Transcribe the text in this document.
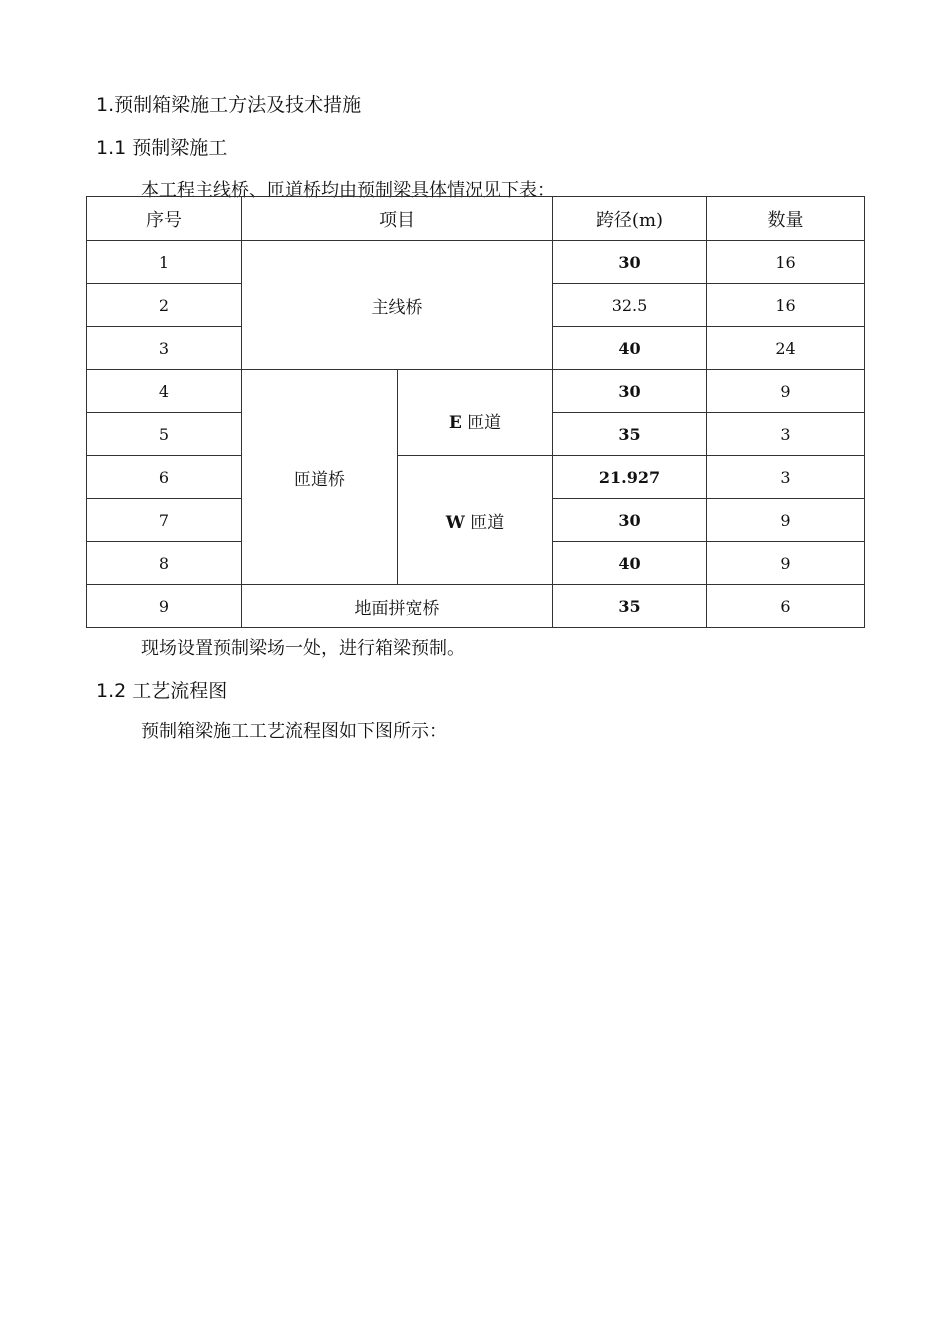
1.预制箱梁施工方法及技术措施
1.1 预制梁施工

本工程主线桥、匝道桥均由预制梁具体情况见下表：

序号	项目		跨径(m)	数量
1	主线桥		30	16
2			32.5	16
3			40	24
4	匝道桥	E 匝道	30	9
5			35	3
6		W 匝道	21.927	3
7			30	9
8			40	9
9	地面拼宽桥		35	6

现场设置预制梁场一处，进行箱梁预制。

1.2 工艺流程图

预制箱梁施工工艺流程图如下图所示：
